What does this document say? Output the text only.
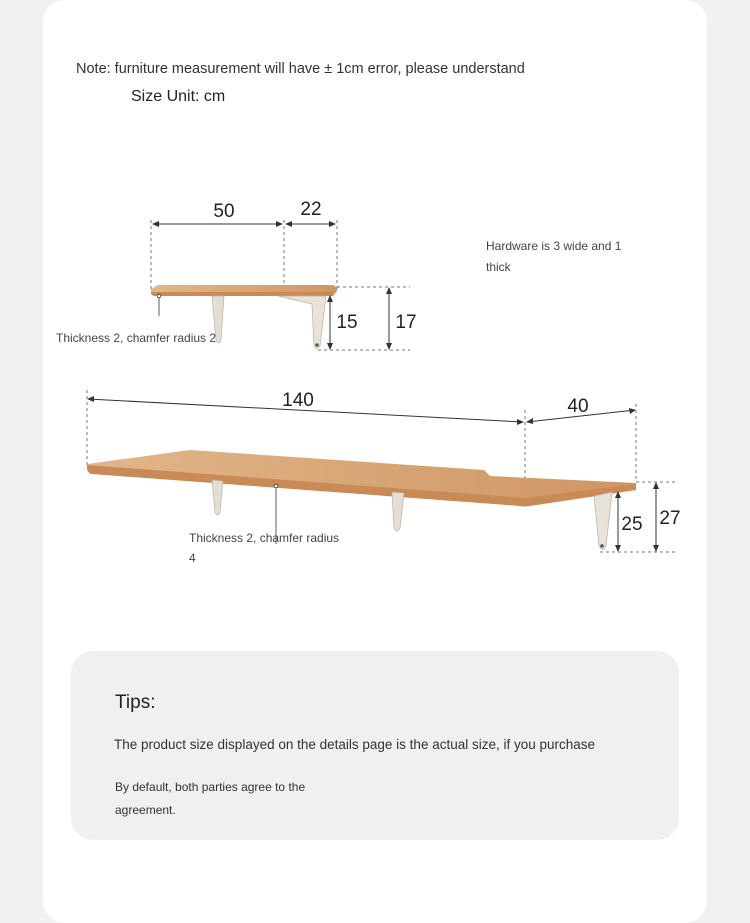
Note: furniture measurement will have ± 1cm error, please understand
Size Unit: cm
50	22
15 17
140	40
25 27
Hardware is 3 wide and 1 thick
Thickness 2, chamfer radius 2
Thickness 2, chamfer radius 4
Tips:
The product size displayed on the details page is the actual size, if you purchase
By default, both parties agree to the agreement.
